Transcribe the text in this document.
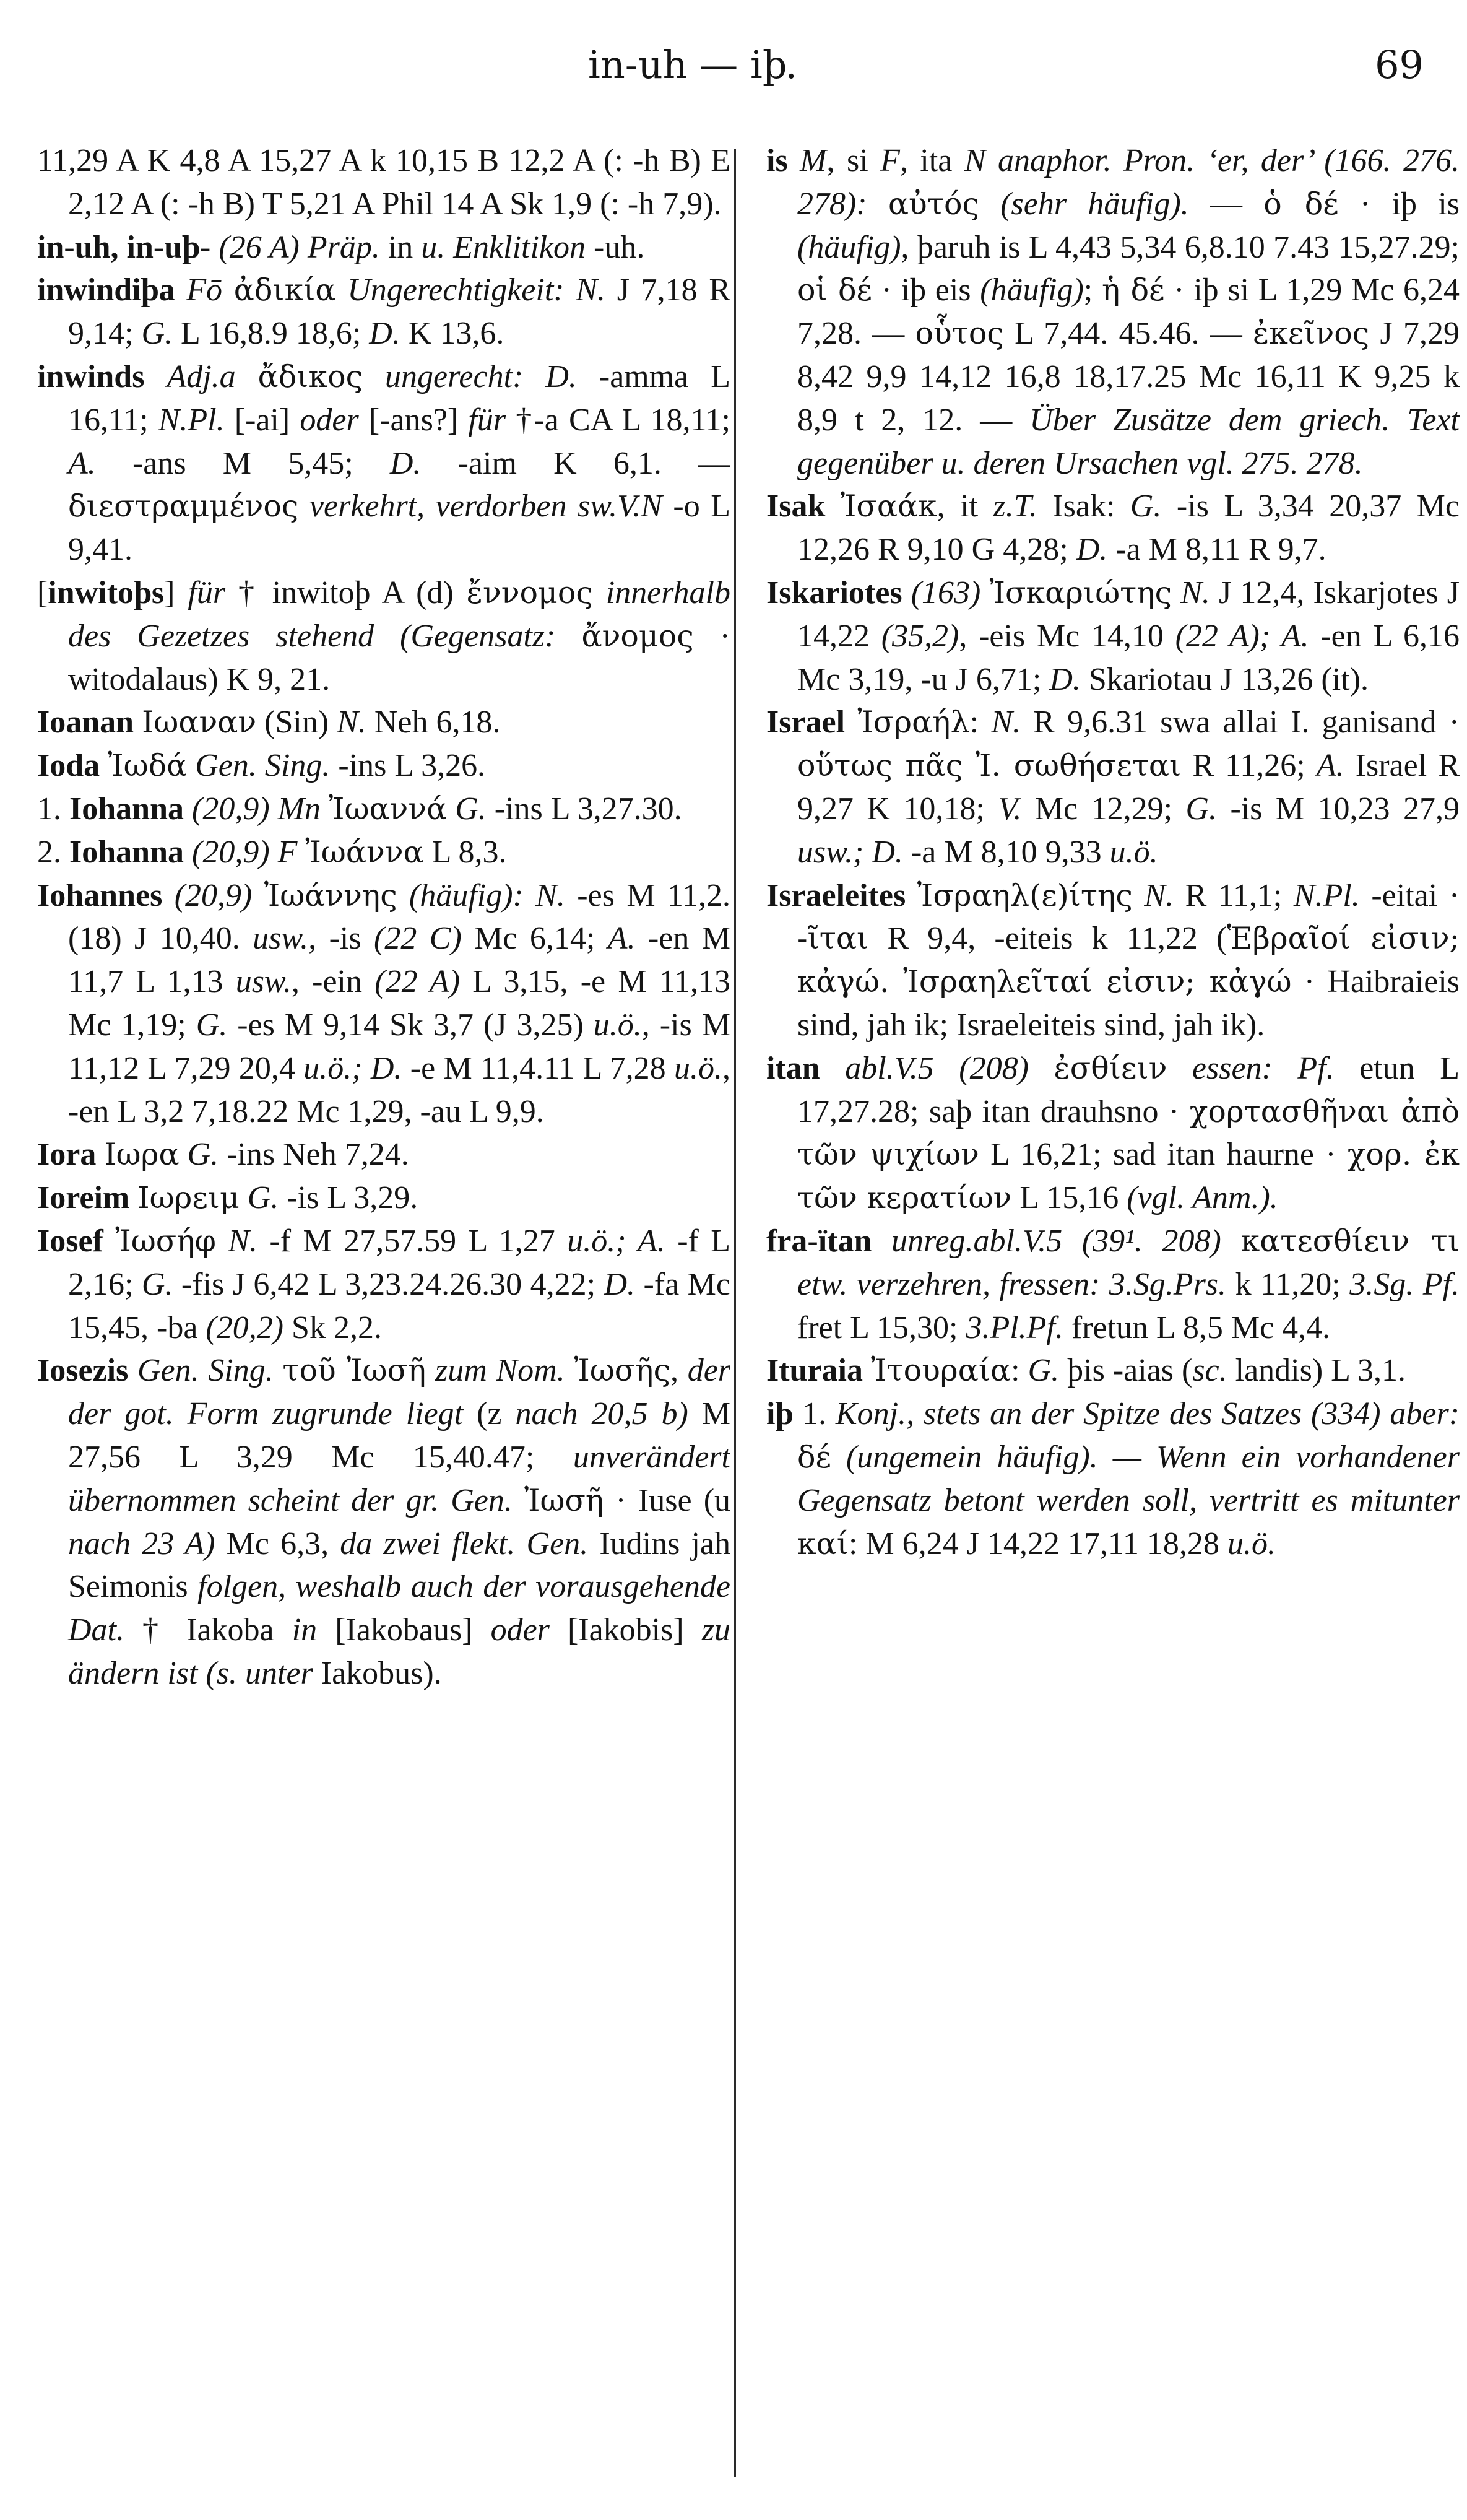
in-uh — iþ.	69

11,29 A K 4,8 A 15,27 A k 10,15 B 12,2 A (: -h B) E 2,12 A (: -h B) T 5,21 A Phil 14 A Sk 1,9 (: -h 7,9).

in-uh, in-uþ- (26 A) Präp. in u. Enklitikon -uh.

inwindiþa Fō ἀδικία Ungerechtigkeit: N. J 7,18 R 9,14; G. L 16,8.9 18,6; D. K 13,6.

inwinds Adj.a ἄδικος ungerecht: D. -amma L 16,11; N.Pl. [-ai] oder [-ans?] für †-a CA L 18,11; A. -ans M 5,45; D. -aim K 6,1. — διεστραμμένος verkehrt, verdorben sw.V.N -o L 9,41.

[inwitoþs] für † inwitoþ A (d) ἔννομος innerhalb des Gezetzes stehend (Gegensatz: ἄνομος · witodalaus) K 9, 21.

Ioanan Ιωαναν (Sin) N. Neh 6,18.

Ioda Ἰωδά Gen. Sing. -ins L 3,26.

1. Iohanna (20,9) Mn Ἰωαννά G. -ins L 3,27.30.

2. Iohanna (20,9) F Ἰωάννα L 8,3.

Iohannes (20,9) Ἰωάννης (häufig): N. -es M 11,2.(18) J 10,40. usw., -is (22 C) Mc 6,14; A. -en M 11,7 L 1,13 usw., -ein (22 A) L 3,15, -e M 11,13 Mc 1,19; G. -es M 9,14 Sk 3,7 (J 3,25) u.ö., -is M 11,12 L 7,29 20,4 u.ö.; D. -e M 11,4.11 L 7,28 u.ö., -en L 3,2 7,18.22 Mc 1,29, -au L 9,9.

Iora Ιωρα G. -ins Neh 7,24.

Ioreim Ιωρειμ G. -is L 3,29.

Iosef Ἰωσήφ N. -f M 27,57.59 L 1,27 u.ö.; A. -f L 2,16; G. -fis J 6,42 L 3,23.24.26.30 4,22; D. -fa Mc 15,45, -ba (20,2) Sk 2,2.

Iosezis Gen. Sing. τοῦ Ἰωσῆ zum Nom. Ἰωσῆς, der der got. Form zugrunde liegt (z nach 20,5 b) M 27,56 L 3,29 Mc 15,40.47; unverändert übernommen scheint der gr. Gen. Ἰωσῆ · Iuse (u nach 23 A) Mc 6,3, da zwei flekt. Gen. Iudins jah Seimonis folgen, weshalb auch der vorausgehende Dat. † Iakoba in [Iakobaus] oder [Iakobis] zu ändern ist (s. unter Iakobus).

is M, si F, ita N anaphor. Pron. ‘er, der’ (166. 276. 278): αὐτός (sehr häufig). — ὁ δέ · iþ is (häufig), þaruh is L 4,43 5,34 6,8.10 7.43 15,27.29; οἱ δέ · iþ eis (häufig); ἡ δέ · iþ si L 1,29 Mc 6,24 7,28. — οὗτος L 7,44. 45.46. — ἐκεῖνος J 7,29 8,42 9,9 14,12 16,8 18,17.25 Mc 16,11 K 9,25 k 8,9 t 2, 12. — Über Zusätze dem griech. Text gegenüber u. deren Ursachen vgl. 275. 278.

Isak Ἰσαάκ, it z.T. Isak: G. -is L 3,34 20,37 Mc 12,26 R 9,10 G 4,28; D. -a M 8,11 R 9,7.

Iskariotes (163) Ἰσκαριώτης N. J 12,4, Iskarjotes J 14,22 (35,2), -eis Mc 14,10 (22 A); A. -en L 6,16 Mc 3,19, -u J 6,71; D. Skariotau J 13,26 (it).

Israel Ἰσραήλ: N. R 9,6.31 swa allai I. ganisand · οὕτως πᾶς Ἰ. σωθήσεται R 11,26; A. Israel R 9,27 K 10,18; V. Mc 12,29; G. -is M 10,23 27,9 usw.; D. -a M 8,10 9,33 u.ö.

Israeleites Ἰσραηλ(ε)ίτης N. R 11,1; N.Pl. -eitai · -ῖται R 9,4, -eiteis k 11,22 (Ἑβραῖοί εἰσιν; κἀγώ. Ἰσραηλεῖταί εἰσιν; κἀγώ · Haibraieis sind, jah ik; Israeleiteis sind, jah ik).

itan abl.V.5 (208) ἐσθίειν essen: Pf. etun L 17,27.28; saþ itan drauhsno · χορτασθῆναι ἀπὸ τῶν ψιχίων L 16,21; sad itan haurne · χορ. ἐκ τῶν κερατίων L 15,16 (vgl. Anm.).

fra-ïtan unreg.abl.V.5 (39¹. 208) κατεσθίειν τι etw. verzehren, fressen: 3.Sg.Prs. k 11,20; 3.Sg. Pf. fret L 15,30; 3.Pl.Pf. fretun L 8,5 Mc 4,4.

Ituraia Ἰτουραία: G. þis -aias (sc. landis) L 3,1.

iþ 1. Konj., stets an der Spitze des Satzes (334) aber: δέ (ungemein häufig). — Wenn ein vorhandener Gegensatz betont werden soll, vertritt es mitunter καί: M 6,24 J 14,22 17,11 18,28 u.ö.
